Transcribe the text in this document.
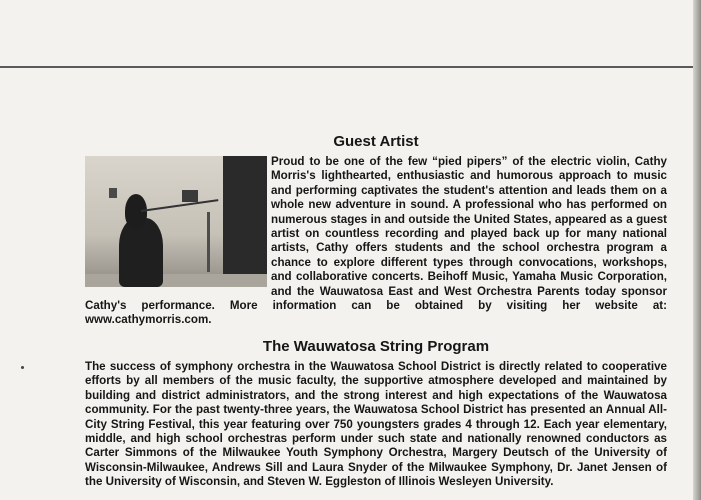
Guest Artist

Proud to be one of the few “pied pipers” of the electric violin, Cathy Morris's lighthearted, enthusiastic and humorous approach to music and performing captivates the student's attention and leads them on a whole new adventure in sound. A professional who has performed on numerous stages in and outside the United States, appeared as a guest artist on countless recording and played back up for many national artists, Cathy offers students and the school orchestra program a chance to explore different types through convocations, workshops, and collaborative concerts. Beihoff Music, Yamaha Music Corporation, and the Wauwatosa East and West Orchestra Parents today sponsor Cathy's performance. More information can be obtained by visiting her website at: www.cathymorris.com.

The Wauwatosa String Program

The success of symphony orchestra in the Wauwatosa School District is directly related to cooperative efforts by all members of the music faculty, the supportive atmosphere developed and maintained by building and district administrators, and the strong interest and high expectations of the Wauwatosa community. For the past twenty-three years, the Wauwatosa School District has presented an Annual All-City String Festival, this year featuring over 750 youngsters grades 4 through 12. Each year elementary, middle, and high school orchestras perform under such state and nationally renowned conductors as Carter Simmons of the Milwaukee Youth Symphony Orchestra, Margery Deutsch of the University of Wisconsin-Milwaukee, Andrews Sill and Laura Snyder of the Milwaukee Symphony, Dr. Janet Jensen of the University of Wisconsin, and Steven W. Eggleston of Illinois Wesleyen University.
